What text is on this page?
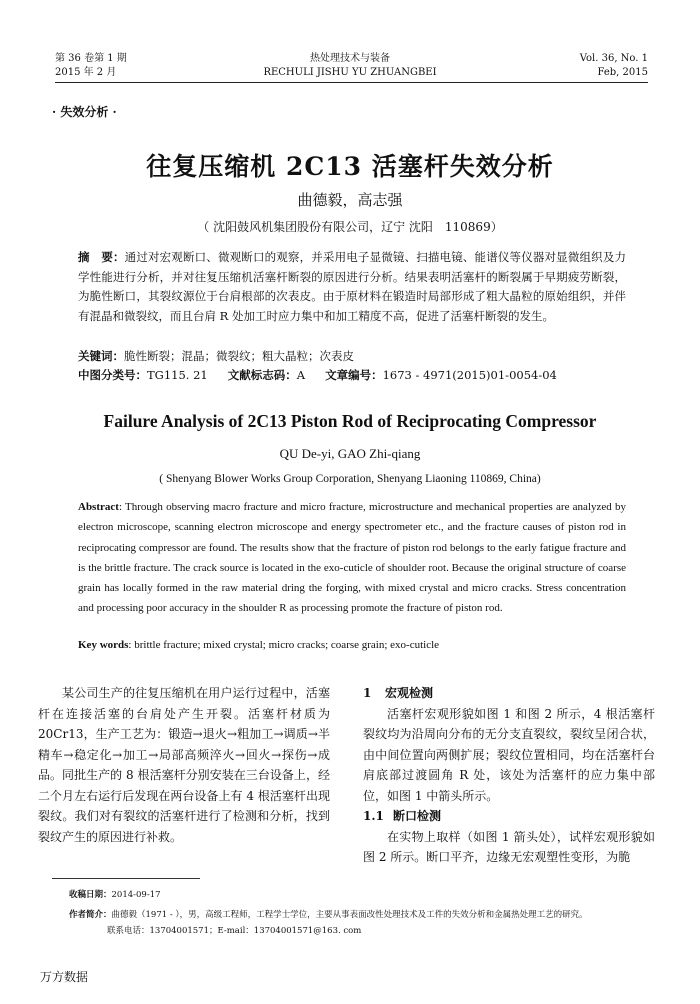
第 36 卷第 1 期
2015 年 2 月
热处理技术与装备
RECHULI JISHU YU ZHUANGBEI
Vol. 36, No. 1
Feb, 2015
· 失效分析 ·
往复压缩机 2C13 活塞杆失效分析
曲德毅，高志强
（ 沈阳鼓风机集团股份有限公司，辽宁 沈阳　110869）
摘　要：通过对宏观断口、微观断口的观察，并采用电子显微镜、扫描电镜、能谱仪等仪器对显微组织及力学性能进行分析，并对往复压缩机活塞杆断裂的原因进行分析。结果表明活塞杆的断裂属于早期疲劳断裂，为脆性断口，其裂纹源位于台肩根部的次表皮。由于原材料在锻造时局部形成了粗大晶粒的原始组织，并伴有混晶和微裂纹，而且台肩 R 处加工时应力集中和加工精度不高，促进了活塞杆断裂的发生。
关键词：脆性断裂；混晶；微裂纹；粗大晶粒；次表皮
中图分类号：TG115. 21 文献标志码：A 文章编号：1673 - 4971(2015)01-0054-04
Failure Analysis of 2C13 Piston Rod of Reciprocating Compressor
QU De-yi, GAO Zhi-qiang
( Shenyang Blower Works Group Corporation, Shenyang Liaoning 110869, China)
Abstract: Through observing macro fracture and micro fracture, microstructure and mechanical properties are analyzed by electron microscope, scanning electron microscope and energy spectrometer etc., and the fracture causes of piston rod in reciprocating compressor are found. The results show that the fracture of piston rod belongs to the early fatigue fracture and is the brittle fracture. The crack source is located in the exo-cuticle of shoulder root. Because the original structure of coarse grain has locally formed in the raw material dring the forging, with mixed crystal and micro cracks. Stress concentration and processing poor accuracy in the shoulder R as processing promote the fracture of piston rod.
Key words: brittle fracture; mixed crystal; micro cracks; coarse grain; exo-cuticle

某公司生产的往复压缩机在用户运行过程中，活塞杆在连接活塞的台肩处产生开裂。活塞杆材质为 20Cr13，生产工艺为：锻造→退火→粗加工→调质→半精车→稳定化→加工→局部高频淬火→回火→探伤→成品。同批生产的 8 根活塞杆分别安装在三台设备上，经二个月左右运行后发现在两台设备上有 4 根活塞杆出现裂纹。我们对有裂纹的活塞杆进行了检测和分析，找到裂纹产生的原因进行补救。

1 宏观检测

活塞杆宏观形貌如图 1 和图 2 所示，4 根活塞杆裂纹均为沿周向分布的无分支直裂纹，裂纹呈闭合状，由中间位置向两侧扩展；裂纹位置相同，均在活塞杆台肩底部过渡圆角 R 处，该处为活塞杆的应力集中部位，如图 1 中箭头所示。

1.1 断口检测

在实物上取样（如图 1 箭头处），试样宏观形貌如图 2 所示。断口平齐，边缘无宏观塑性变形，为脆

收稿日期：2014-09-17
作者简介：曲德毅（1971 - ），男，高级工程师，工程学士学位，主要从事表面改性处理技术及工件的失效分析和金属热处理工艺的研究。
联系电话：13704001571；E-mail：13704001571@163. com
万方数据
